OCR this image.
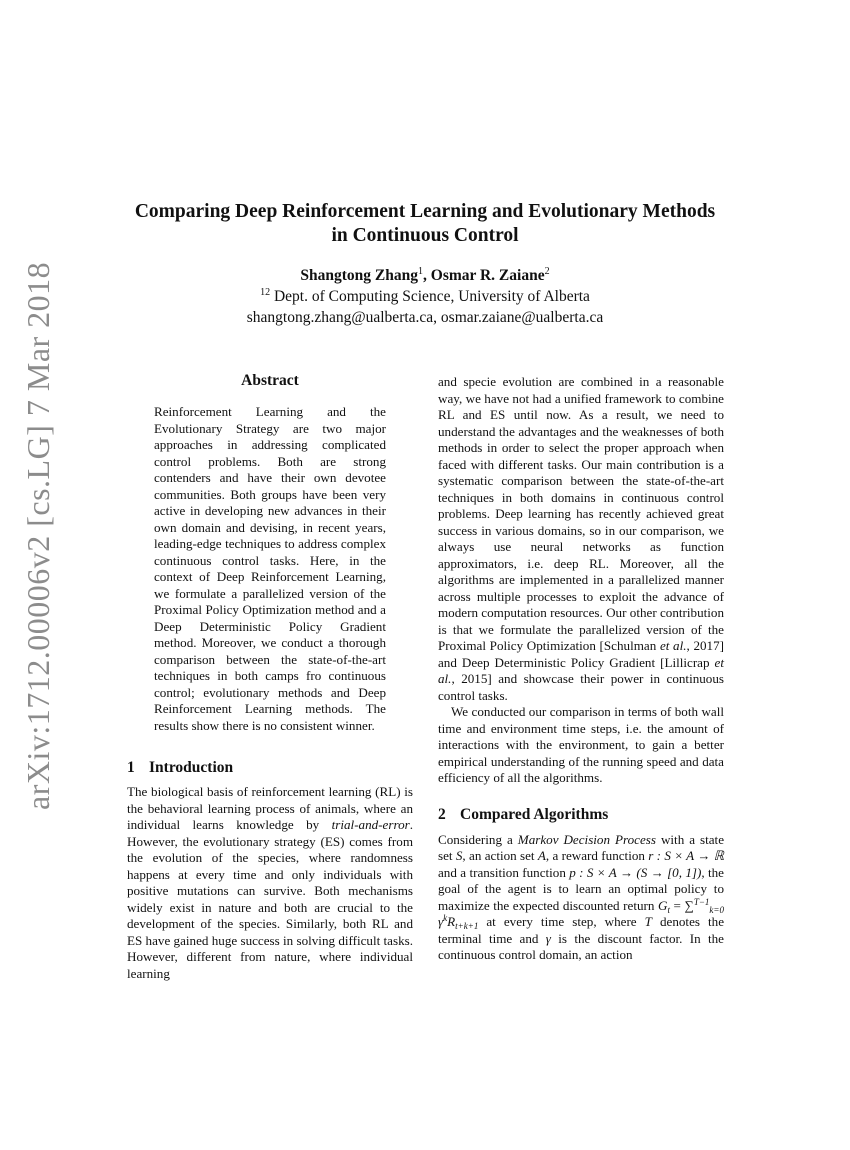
arXiv:1712.00006v2 [cs.LG] 7 Mar 2018
Comparing Deep Reinforcement Learning and Evolutionary Methods
in Continuous Control
Shangtong Zhang$^1$, Osmar R. Zaiane$^2$
$^{12}$ Dept. of Computing Science, University of Alberta
shangtong.zhang@ualberta.ca, osmar.zaiane@ualberta.ca
Abstract

Reinforcement Learning and the Evolutionary Strategy are two major approaches in addressing complicated control problems. Both are strong contenders and have their own devotee communities. Both groups have been very active in developing new advances in their own domain and devising, in recent years, leading-edge techniques to address complex continuous control tasks. Here, in the context of Deep Reinforcement Learning, we formulate a parallelized version of the Proximal Policy Optimization method and a Deep Deterministic Policy Gradient method. Moreover, we conduct a thorough comparison between the state-of-the-art techniques in both camps fro continuous control; evolutionary methods and Deep Reinforcement Learning methods. The results show there is no consistent winner.

1 Introduction

The biological basis of reinforcement learning (RL) is the behavioral learning process of animals, where an individual learns knowledge by trial-and-error. However, the evolutionary strategy (ES) comes from the evolution of the species, where randomness happens at every time and only individuals with positive mutations can survive. Both mechanisms widely exist in nature and both are crucial to the development of the species. Similarly, both RL and ES have gained huge success in solving difficult tasks. However, different from nature, where individual learning

and specie evolution are combined in a reasonable way, we have not had a unified framework to combine RL and ES until now. As a result, we need to understand the advantages and the weaknesses of both methods in order to select the proper approach when faced with different tasks. Our main contribution is a systematic comparison between the state-of-the-art techniques in both domains in continuous control problems. Deep learning has recently achieved great success in various domains, so in our comparison, we always use neural networks as function approximators, i.e. deep RL. Moreover, all the algorithms are implemented in a parallelized manner across multiple processes to exploit the advance of modern computation resources. Our other contribution is that we formulate the parallelized version of the Proximal Policy Optimization [Schulman et al., 2017] and Deep Deterministic Policy Gradient [Lillicrap et al., 2015] and showcase their power in continuous control tasks.

We conducted our comparison in terms of both wall time and environment time steps, i.e. the amount of interactions with the environment, to gain a better empirical understanding of the running speed and data efficiency of all the algorithms.

2 Compared Algorithms

Considering a Markov Decision Process with a state set S, an action set A, a reward function r : S × A → ℝ and a transition function p : S × A → (S → [0, 1]), the goal of the agent is to learn an optimal policy to maximize the expected discounted return $G_t = \sum^{T-1}_{k=0}$ $\gamma^kR_{t+k+1}$ at every time step, where T denotes the terminal time and γ is the discount factor. In the continuous control domain, an action
